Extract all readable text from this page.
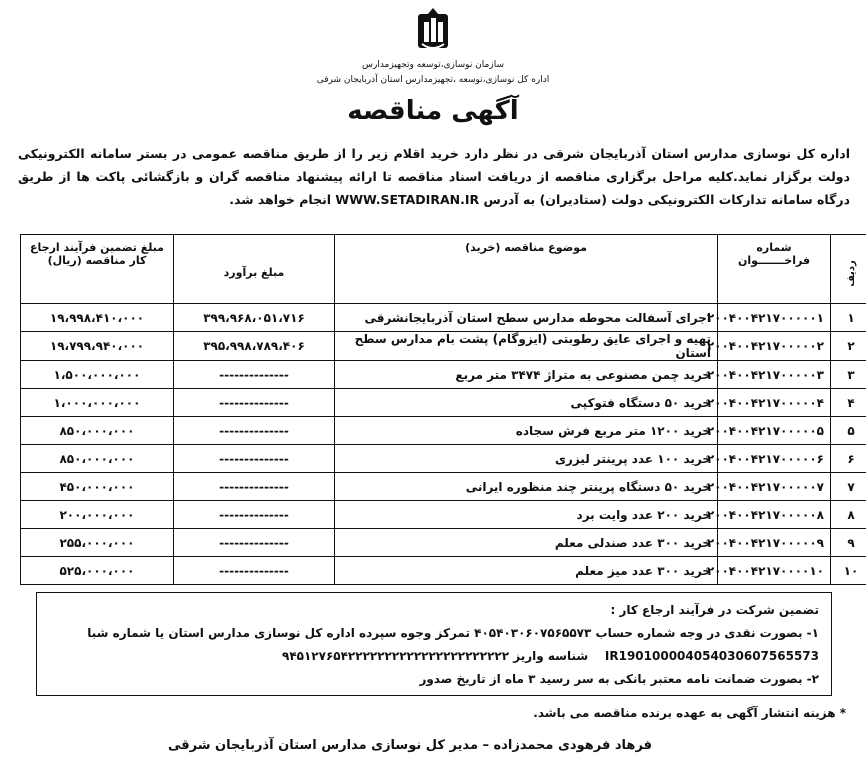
سازمان نوسازی،توسعه وتجهیزمدارس
اداره کل نوسازی،توسعه ،تجهیزمدارس استان آذربایجان شرقی
آگهی مناقصه
اداره کل نوسازی مدارس استان آذربایجان شرقی در نظر دارد خرید اقلام زیر را از طریق مناقصه عمومی در بستر سامانه الکترونیکی دولت برگزار نماید.کلیه مراحل برگزاری مناقصه از دریافت اسناد مناقصه تا ارائه پیشنهاد مناقصه گران و بازگشائی پاکت ها از طریق درگاه سامانه تدارکات الکترونیکی دولت (ستادیران) به آدرس WWW.SETADIRAN.IR انجام خواهد شد.
ردیف	شماره فراخـــــــوان	موضوع مناقصه (خرید)	مبلغ برآورد	مبلغ تضمین فرآیند ارجاع کار مناقصه (ریال)
۱	۲۰۰۴۰۰۴۲۱۷۰۰۰۰۰۱	اجرای آسفالت محوطه مدارس سطح استان آذربایجانشرقی	۳۹۹،۹۶۸،۰۵۱،۷۱۶	۱۹،۹۹۸،۴۱۰،۰۰۰
۲	۲۰۰۴۰۰۴۲۱۷۰۰۰۰۰۲	تهیه و اجرای عایق رطوبتی (ایزوگام) پشت بام مدارس سطح استان	۳۹۵،۹۹۸،۷۸۹،۴۰۶	۱۹،۷۹۹،۹۴۰،۰۰۰
۳	۲۰۰۴۰۰۴۲۱۷۰۰۰۰۰۳	خرید چمن مصنوعی به متراژ ۳۴۷۴ متر مربع	--------------	۱،۵۰۰،۰۰۰،۰۰۰
۴	۲۰۰۴۰۰۴۲۱۷۰۰۰۰۰۴	خرید ۵۰ دستگاه فتوکپی	--------------	۱،۰۰۰،۰۰۰،۰۰۰
۵	۲۰۰۴۰۰۴۲۱۷۰۰۰۰۰۵	خرید ۱۲۰۰ متر مربع فرش سجاده	--------------	۸۵۰،۰۰۰،۰۰۰
۶	۲۰۰۴۰۰۴۲۱۷۰۰۰۰۰۶	خرید ۱۰۰ عدد پرینتر لیزری	--------------	۸۵۰،۰۰۰،۰۰۰
۷	۲۰۰۴۰۰۴۲۱۷۰۰۰۰۰۷	خرید ۵۰ دستگاه پرینتر چند منظوره ایرانی	--------------	۴۵۰،۰۰۰،۰۰۰
۸	۲۰۰۴۰۰۴۲۱۷۰۰۰۰۰۸	خرید ۲۰۰ عدد وایت برد	--------------	۲۰۰،۰۰۰،۰۰۰
۹	۲۰۰۴۰۰۴۲۱۷۰۰۰۰۰۹	خرید ۳۰۰ عدد صندلی معلم	--------------	۲۵۵،۰۰۰،۰۰۰
۱۰	۲۰۰۴۰۰۴۲۱۷۰۰۰۰۱۰	خرید ۳۰۰ عدد میز معلم	--------------	۵۲۵،۰۰۰،۰۰۰
تضمین شرکت در فرآیند ارجاع کار :
۱- بصورت نقدی در وجه شماره حساب ۴۰۵۴۰۳۰۶۰۷۵۶۵۵۷۳ تمرکز وجوه سپرده اداره کل نوسازی مدارس استان یا شماره شبا
IR190100004054030607565573    شناسه واریز ۹۴۵۱۲۷۶۵۴۲۲۲۲۲۲۲۲۲۲۲۲۲۲۲۲۲۲۲۲۲۲
۲- بصورت ضمانت نامه معتبر بانکی به سر رسید ۳ ماه از تاریخ صدور
* هزینه انتشار آگهی به عهده برنده مناقصه می باشد.
فرهاد فرهودی محمدزاده – مدیر کل نوسازی مدارس استان آذربایجان شرقی
